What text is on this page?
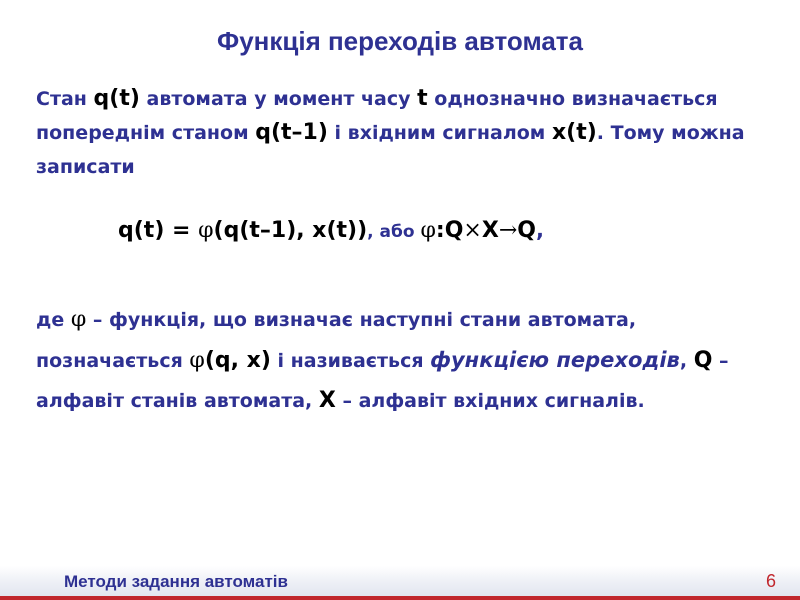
Функція переходів автомата
Стан q(t) автомата у момент часу t однозначно визначається попереднім станом q(t–1) і вхідним сигналом x(t). Тому можна записати
q(t) = φ(q(t–1), x(t)), або φ:Q×X→Q,
де φ – функція, що визначає наступні стани автомата, позначається φ(q, x) і називається функцією переходів, Q – алфавіт станів автомата, X – алфавіт вхідних сигналів.
Методи задання автоматів	6
